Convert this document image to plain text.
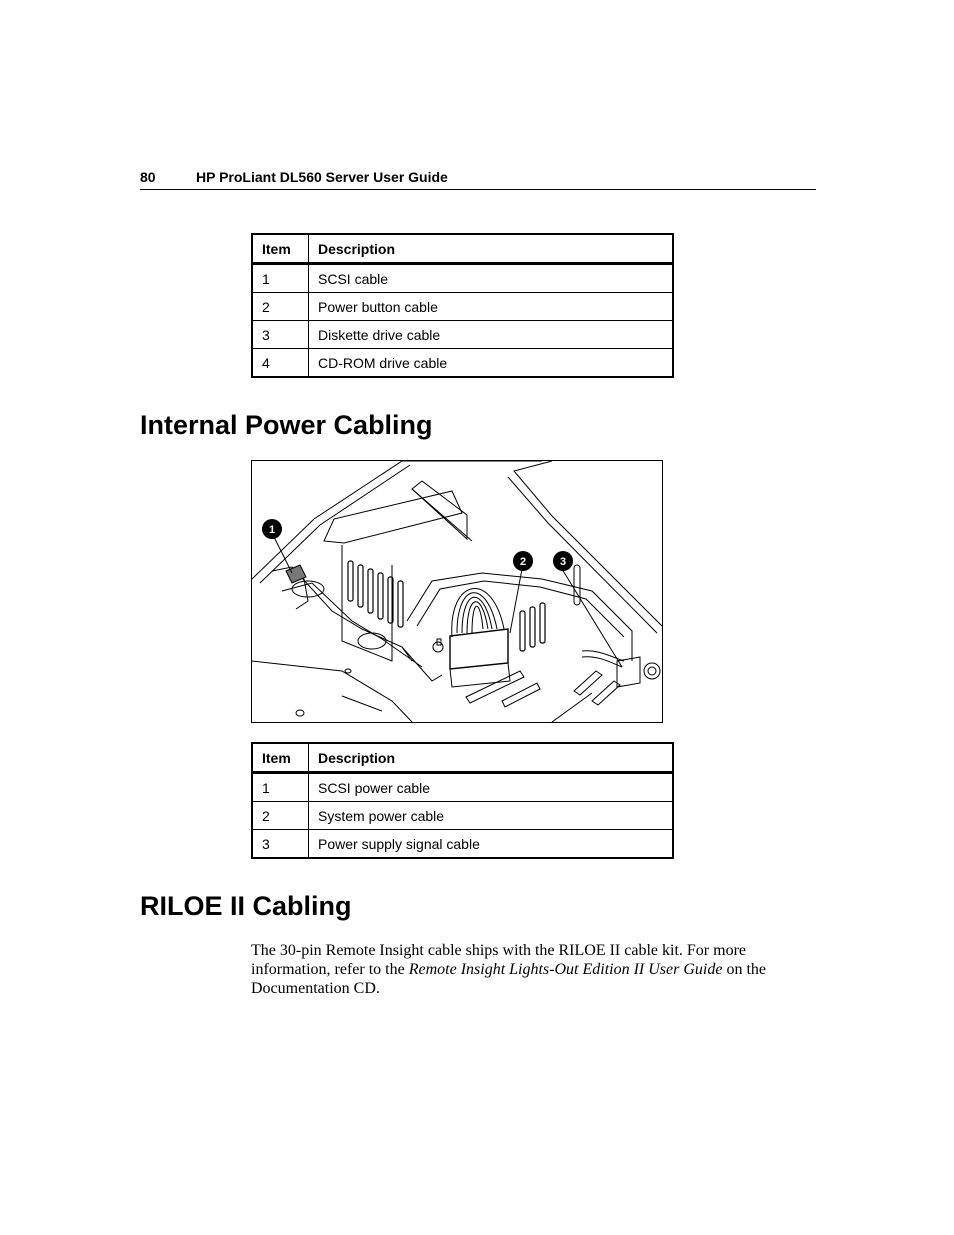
80	HP ProLiant DL560 Server User Guide
Item	Description
1	SCSI cable
2	Power button cable
3	Diskette drive cable
4	CD-ROM drive cable
Internal Power Cabling
1
2	3
Item	Description
1	SCSI power cable
2	System power cable
3	Power supply signal cable
RILOE II Cabling

The 30-pin Remote Insight cable ships with the RILOE II cable kit. For more information, refer to the Remote Insight Lights-Out Edition II User Guide on the Documentation CD.
